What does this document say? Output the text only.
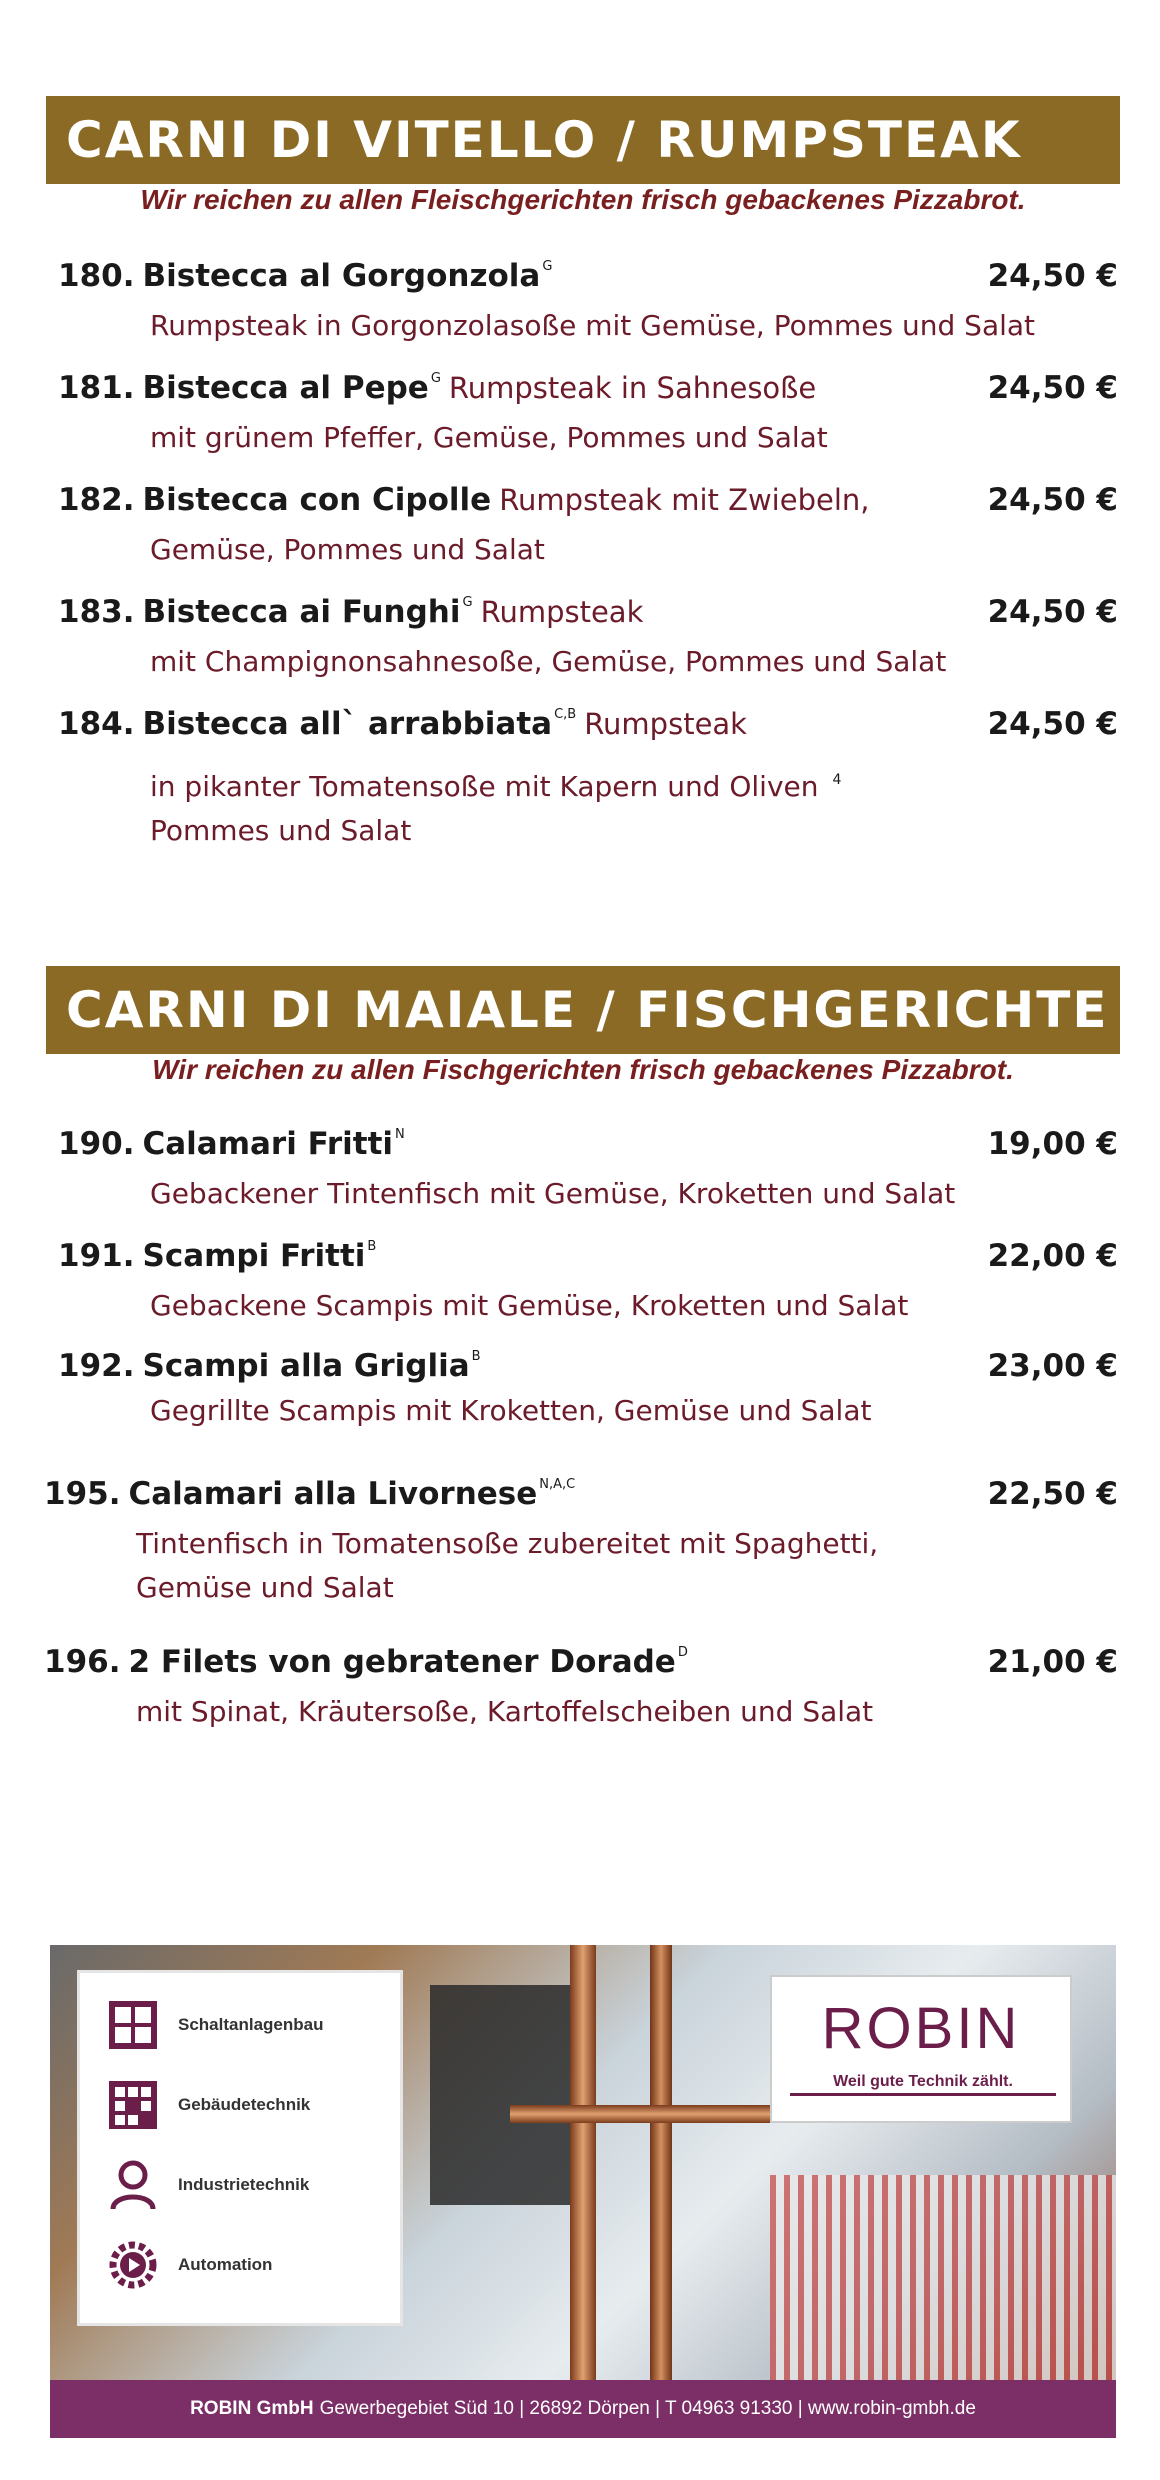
CARNI DI VITELLO / RUMPSTEAK
Wir reichen zu allen Fleischgerichten frisch gebackenes Pizzabrot.
180. Bistecca al Gorgonzola $^G$	24,50 €
Rumpsteak in Gorgonzolasoße mit Gemüse, Pommes und Salat
181. Bistecca al Pepe $^G$ Rumpsteak in Sahnesoße	24,50 €
mit grünem Pfeffer, Gemüse, Pommes und Salat
182. Bistecca con Cipolle Rumpsteak mit Zwiebeln,	24,50 €
Gemüse, Pommes und Salat
183. Bistecca ai Funghi $^G$ Rumpsteak	24,50 €
mit Champignonsahnesoße, Gemüse, Pommes und Salat
184. Bistecca all` arrabbiata $^{C,B}$ Rumpsteak	24,50 €
in pikanter Tomatensoße mit Kapern und Oliven $^4$
Pommes und Salat
CARNI DI MAIALE / FISCHGERICHTE
Wir reichen zu allen Fischgerichten frisch gebackenes Pizzabrot.
190. Calamari Fritti $^N$	19,00 €
Gebackener Tintenfisch mit Gemüse, Kroketten und Salat
191. Scampi Fritti $^B$	22,00 €
Gebackene Scampis mit Gemüse, Kroketten und Salat
192. Scampi alla Griglia $^B$	23,00 €
Gegrillte Scampis mit Kroketten, Gemüse und Salat
195. Calamari alla Livornese $^{N,A,C}$	22,50 €
Tintenfisch in Tomatensoße zubereitet mit Spaghetti,
Gemüse und Salat
196. 2 Filets von gebratener Dorade $^D$	21,00 €
mit Spinat, Kräutersoße, Kartoffelscheiben und Salat
Schaltanlagenbau
Gebäudetechnik
Industrietechnik
Automation
ROBIN
Weil gute Technik zählt.
ROBIN GmbH Gewerbegebiet Süd 10 | 26892 Dörpen | T 04963 91330 | www.robin-gmbh.de
